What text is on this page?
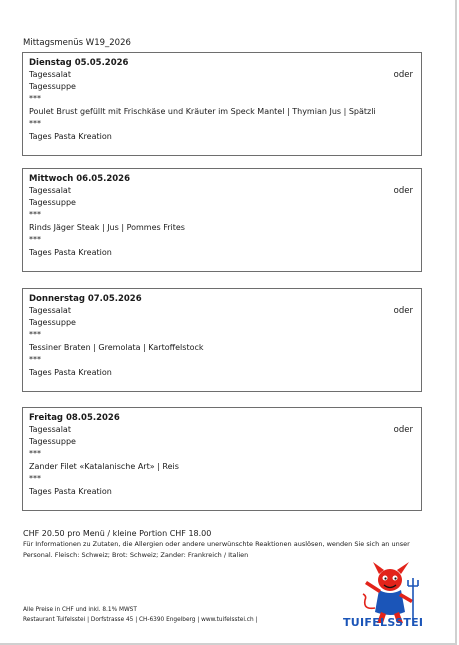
Mittagsmenüs W19_2026
Dienstag 05.05.2026
oder
Tagessalat
Tagessuppe
***
Poulet Brust gefüllt mit Frischkäse und Kräuter im Speck Mantel | Thymian Jus | Spätzli
***
Tages Pasta Kreation
Mittwoch 06.05.2026
oder
Tagessalat
Tagessuppe
***
Rinds Jäger Steak | Jus | Pommes Frites
***
Tages Pasta Kreation
Donnerstag 07.05.2026
oder
Tagessalat
Tagessuppe
***
Tessiner Braten | Gremolata | Kartoffelstock
***
Tages Pasta Kreation
Freitag 08.05.2026
oder
Tagessalat
Tagessuppe
***
Zander Filet «Katalanische Art» | Reis
***
Tages Pasta Kreation
CHF 20.50 pro Menü / kleine Portion CHF 18.00
Für Informationen zu Zutaten, die Allergien oder andere unerwünschte Reaktionen auslösen, wenden Sie sich an unser
Personal. Fleisch: Schweiz; Brot: Schweiz; Zander: Frankreich / Italien
Alle Preise in CHF und inkl. 8.1% MWST
Restaurant Tuifelsstei | Dorfstrasse 45 | CH-6390 Engelberg | www.tuifelsstei.ch |	TUIFELSSTEI
